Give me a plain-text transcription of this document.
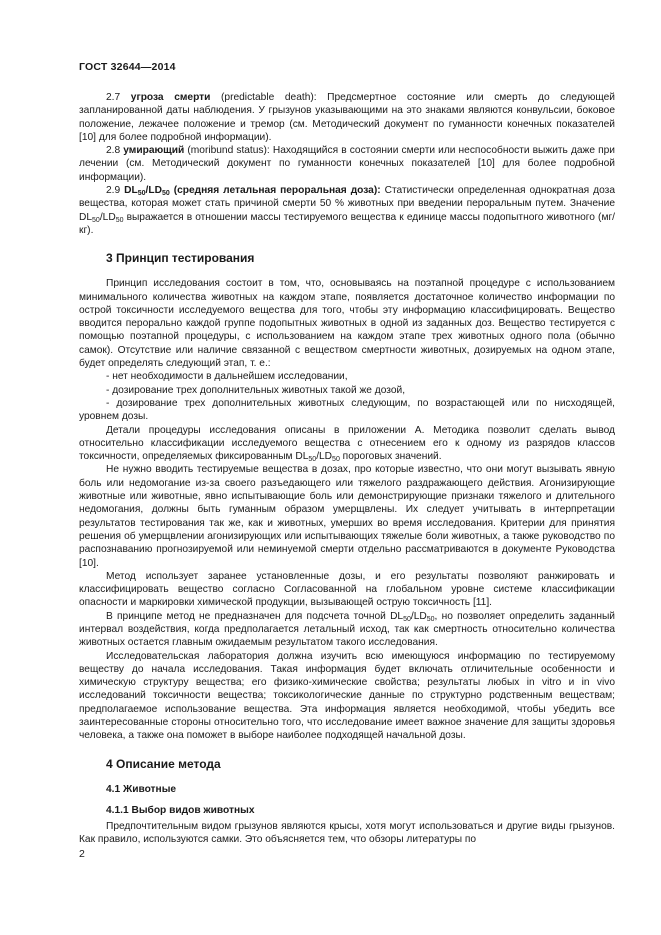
ГОСТ 32644—2014

2.7 угроза смерти (predictable death): Предсмертное состояние или смерть до следующей запланированной даты наблюдения. У грызунов указывающими на это знаками являются конвульсии, боковое положение, лежачее положение и тремор (см. Методический документ по гуманности конечных показателей [10] для более подробной информации).

2.8 умирающий (moribund status): Находящийся в состоянии смерти или неспособности выжить даже при лечении (см. Методический документ по гуманности конечных показателей [10] для более подробной информации).

2.9 $DL_{50}/LD_{50}$ (средняя летальная пероральная доза): Статистически определенная однократная доза вещества, которая может стать причиной смерти 50 % животных при введении пероральным путем. Значение $DL_{50}/LD_{50}$ выражается в отношении массы тестируемого вещества к единице массы подопытного животного (мг/кг).

3 Принцип тестирования

Принцип исследования состоит в том, что, основываясь на поэтапной процедуре с использованием минимального количества животных на каждом этапе, появляется достаточное количество информации по острой токсичности исследуемого вещества для того, чтобы эту информацию классифицировать. Вещество вводится перорально каждой группе подопытных животных в одной из заданных доз. Вещество тестируется с помощью поэтапной процедуры, с использованием на каждом этапе трех животных одного пола (обычно самок). Отсутствие или наличие связанной с веществом смертности животных, дозируемых на одном этапе, будет определять следующий этап, т. е.:

- нет необходимости в дальнейшем исследовании,

- дозирование трех дополнительных животных такой же дозой,

- дозирование трех дополнительных животных следующим, по возрастающей или по нисходящей, уровнем дозы.

Детали процедуры исследования описаны в приложении А. Методика позволит сделать вывод относительно классификации исследуемого вещества с отнесением его к одному из разрядов классов токсичности, определяемых фиксированным $DL_{50}/LD_{50}$ пороговых значений.

Не нужно вводить тестируемые вещества в дозах, про которые известно, что они могут вызывать явную боль или недомогание из-за своего разъедающего или тяжелого раздражающего действия. Агонизирующие животные или животные, явно испытывающие боль или демонстрирующие признаки тяжелого и длительного недомогания, должны быть гуманным образом умерщвлены. Их следует учитывать в интерпретации результатов тестирования так же, как и животных, умерших во время исследования. Критерии для принятия решения об умерщвлении агонизирующих или испытывающих тяжелые боли животных, а также руководство по распознаванию прогнозируемой или неминуемой смерти отдельно рассматриваются в документе Руководства [10].

Метод использует заранее установленные дозы, и его результаты позволяют ранжировать и классифицировать вещество согласно Согласованной на глобальном уровне системе классификации опасности и маркировки химической продукции, вызывающей острую токсичность [11].

В принципе метод не предназначен для подсчета точной $DL_{50}/LD_{50}$, но позволяет определить заданный интервал воздействия, когда предполагается летальный исход, так как смертность относительно количества животных остается главным ожидаемым результатом такого исследования.

Исследовательская лаборатория должна изучить всю имеющуюся информацию по тестируемому веществу до начала исследования. Такая информация будет включать отличительные особенности и химическую структуру вещества; его физико-химические свойства; результаты любых in vitro и in vivo исследований токсичности вещества; токсикологические данные по структурно родственным веществам; предполагаемое использование вещества. Эта информация является необходимой, чтобы убедить все заинтересованные стороны относительно того, что исследование имеет важное значение для защиты здоровья человека, а также она поможет в выборе наиболее подходящей начальной дозы.

4 Описание метода
4.1 Животные
4.1.1 Выбор видов животных

Предпочтительным видом грызунов являются крысы, хотя могут использоваться и другие виды грызунов. Как правило, используются самки. Это объясняется тем, что обзоры литературы по

2
